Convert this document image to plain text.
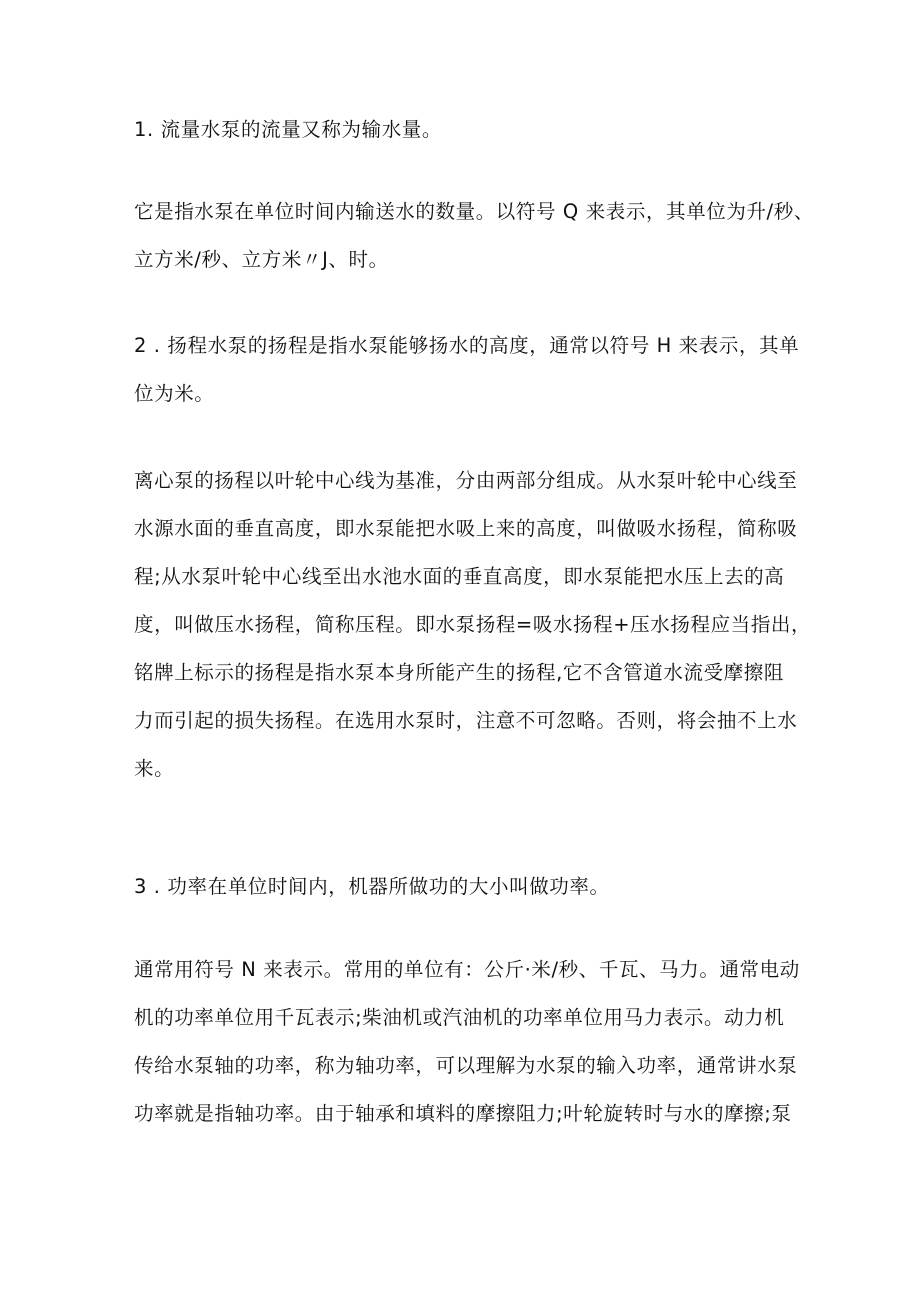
1. 流量水泵的流量又称为输水量。

它是指水泵在单位时间内输送水的数量。以符号 Q 来表示，其单位为升/秒、
立方米/秒、立方米〃J、时。

2 . 扬程水泵的扬程是指水泵能够扬水的高度，通常以符号 H 来表示，其单
位为米。

离心泵的扬程以叶轮中心线为基准，分由两部分组成。从水泵叶轮中心线至
水源水面的垂直高度，即水泵能把水吸上来的高度，叫做吸水扬程，简称吸
程;从水泵叶轮中心线至出水池水面的垂直高度，即水泵能把水压上去的高
度，叫做压水扬程，简称压程。即水泵扬程=吸水扬程+压水扬程应当指出，
铭牌上标示的扬程是指水泵本身所能产生的扬程,它不含管道水流受摩擦阻
力而引起的损失扬程。在选用水泵时，注意不可忽略。否则，将会抽不上水
来。

3 . 功率在单位时间内，机器所做功的大小叫做功率。

通常用符号 N 来表示。常用的单位有：公斤·米/秒、千瓦、马力。通常电动
机的功率单位用千瓦表示;柴油机或汽油机的功率单位用马力表示。动力机
传给水泵轴的功率，称为轴功率，可以理解为水泵的输入功率，通常讲水泵
功率就是指轴功率。由于轴承和填料的摩擦阻力;叶轮旋转时与水的摩擦;泵
